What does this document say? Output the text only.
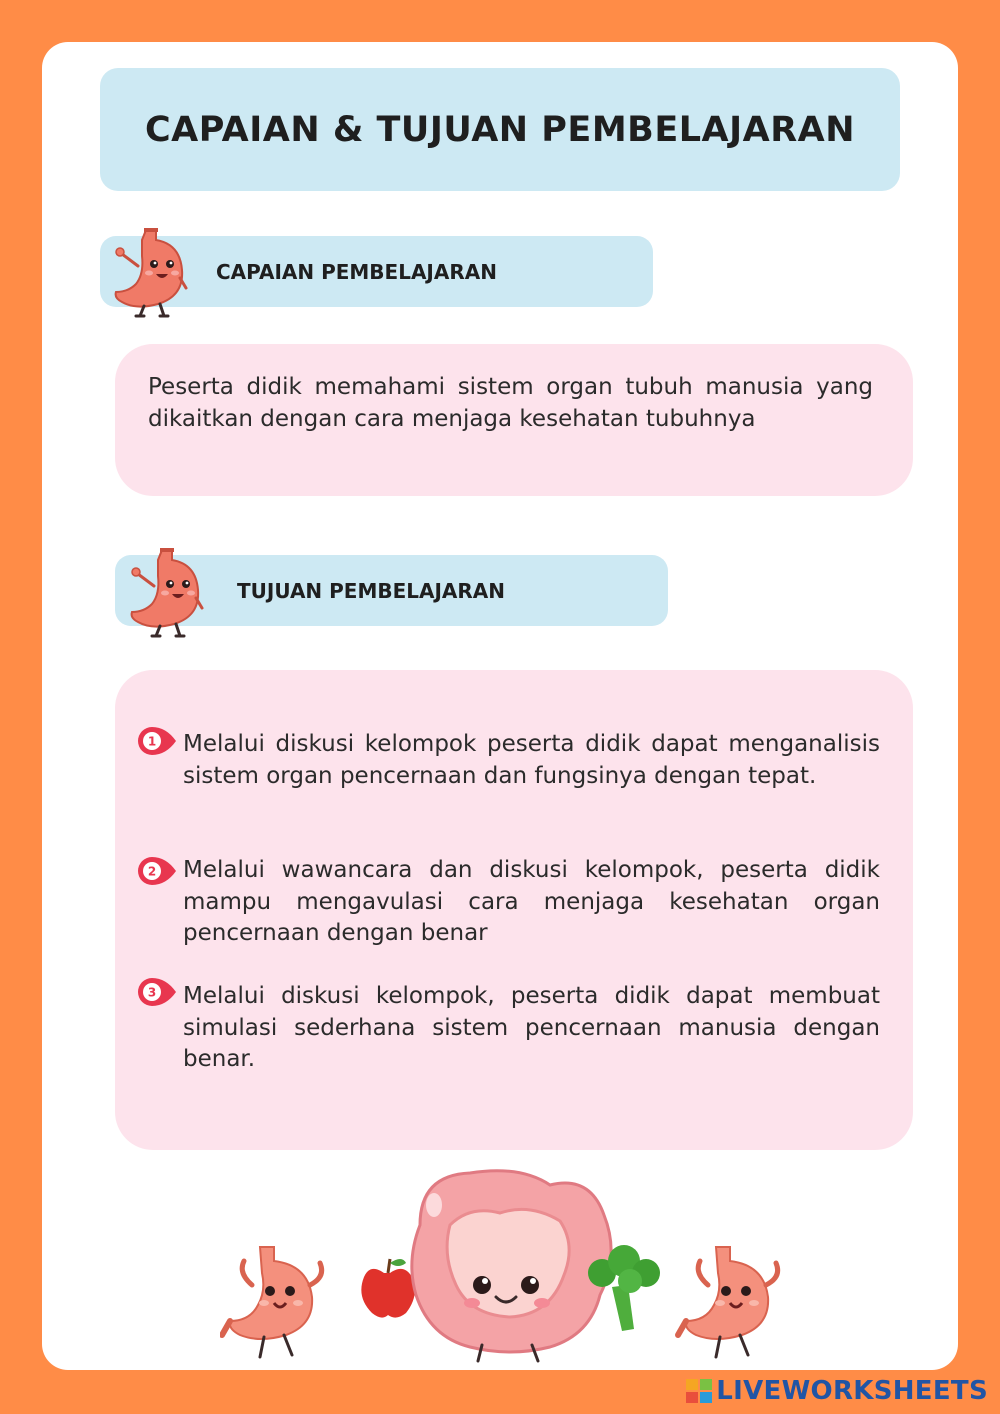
CAPAIAN & TUJUAN PEMBELAJARAN
CAPAIAN PEMBELAJARAN

Peserta didik memahami sistem organ tubuh manusia yang dikaitkan dengan cara menjaga kesehatan tubuhnya

TUJUAN PEMBELAJARAN
1 Melalui diskusi kelompok peserta didik dapat menganalisis sistem organ pencernaan dan fungsinya dengan tepat.

2 Melalui wawancara dan diskusi kelompok, peserta didik mampu mengavulasi cara menjaga kesehatan organ pencernaan dengan benar

3 Melalui diskusi kelompok, peserta didik dapat membuat simulasi sederhana sistem pencernaan manusia dengan benar.

LIVEWORKSHEETS
